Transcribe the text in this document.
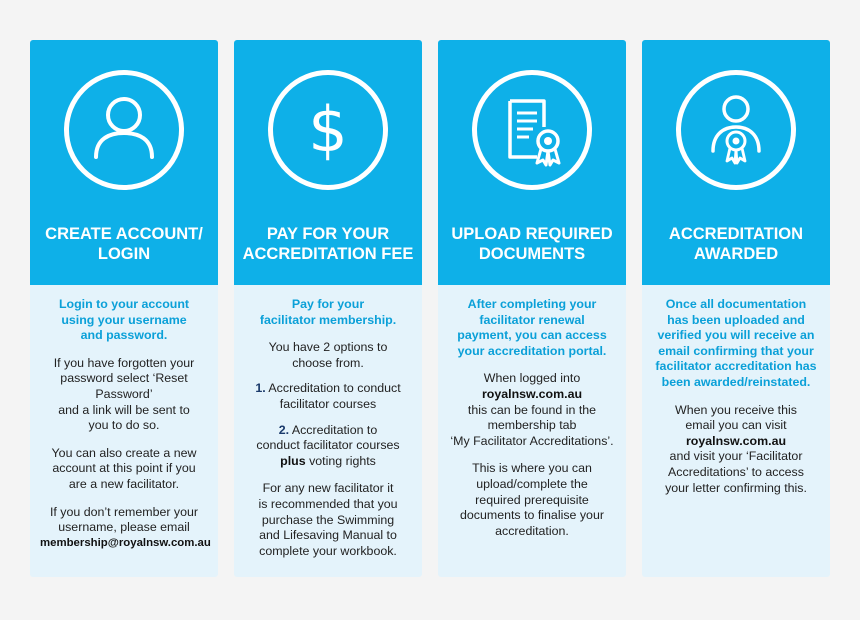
CREATE ACCOUNT/
LOGIN

Login to your account
using your username
and password.

If you have forgotten your
password select ‘Reset
Password’
and a link will be sent to
you to do so.

You can also create a new
account at this point if you
are a new facilitator.

If you don’t remember your
username, please email
membership@royalnsw.com.au

$
PAY FOR YOUR
ACCREDITATION FEE

Pay for your
facilitator membership.

You have 2 options to
choose from.

1. Accreditation to conduct
facilitator courses

2. Accreditation to
conduct facilitator courses
plus voting rights

For any new facilitator it
is recommended that you
purchase the Swimming
and Lifesaving Manual to
complete your workbook.

UPLOAD REQUIRED
DOCUMENTS

After completing your
facilitator renewal
payment, you can access
your accreditation portal.

When logged into
royalnsw.com.au
this can be found in the
membership tab
‘My Facilitator Accreditations’.

This is where you can
upload/complete the
required prerequisite
documents to finalise your
accreditation.

ACCREDITATION
AWARDED

Once all documentation
has been uploaded and
verified you will receive an
email confirming that your
facilitator accreditation has
been awarded/reinstated.

When you receive this
email you can visit
royalnsw.com.au
and visit your ‘Facilitator
Accreditations’ to access
your letter confirming this.
